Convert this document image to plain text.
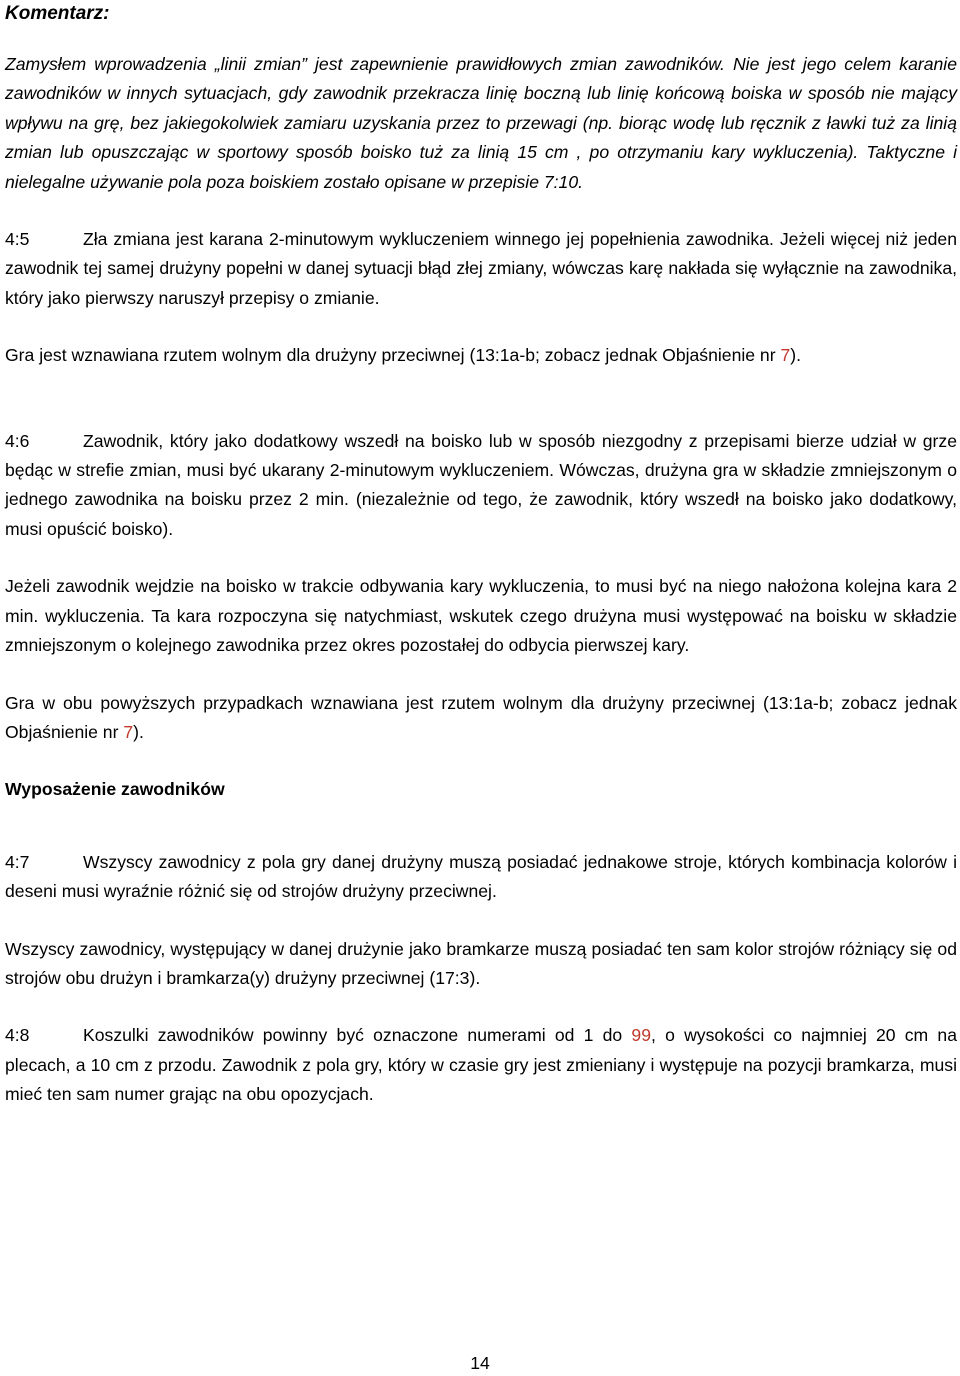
Komentarz:

Zamysłem wprowadzenia „linii zmian” jest zapewnienie prawidłowych zmian zawodników. Nie jest jego celem karanie zawodników w innych sytuacjach, gdy zawodnik przekracza linię boczną lub linię końcową boiska w sposób nie mający wpływu na grę, bez jakiegokolwiek zamiaru uzyskania przez to przewagi (np. biorąc wodę lub ręcznik z ławki tuż za linią zmian lub opuszczając w sportowy sposób boisko tuż za linią 15 cm , po otrzymaniu kary wykluczenia). Taktyczne i nielegalne używanie pola poza boiskiem zostało opisane w przepisie 7:10.

4:5	Zła zmiana jest karana 2-minutowym wykluczeniem winnego jej popełnienia zawodnika. Jeżeli więcej niż jeden zawodnik tej samej drużyny popełni w danej sytuacji błąd złej zmiany, wówczas karę nakłada się wyłącznie na zawodnika, który jako pierwszy naruszył przepisy o zmianie.

Gra jest wznawiana rzutem wolnym dla drużyny przeciwnej (13:1a-b; zobacz jednak Objaśnienie nr 7).

4:6	Zawodnik, który jako dodatkowy wszedł na boisko lub w sposób niezgodny z przepisami bierze udział w grze będąc w strefie zmian, musi być ukarany 2-minutowym wykluczeniem. Wówczas, drużyna gra w składzie zmniejszonym o jednego zawodnika na boisku przez 2 min. (niezależnie od tego, że zawodnik, który wszedł na boisko jako dodatkowy, musi opuścić boisko).

Jeżeli zawodnik wejdzie na boisko w trakcie odbywania kary wykluczenia, to musi być na niego nałożona kolejna kara 2 min. wykluczenia. Ta kara rozpoczyna się natychmiast, wskutek czego drużyna musi występować na boisku w składzie zmniejszonym o kolejnego zawodnika przez okres pozostałej do odbycia pierwszej kary.

Gra w obu powyższych przypadkach wznawiana jest rzutem wolnym dla drużyny przeciwnej (13:1a-b; zobacz jednak Objaśnienie nr 7).

Wyposażenie zawodników

4:7	Wszyscy zawodnicy z pola gry danej drużyny muszą posiadać jednakowe stroje, których kombinacja kolorów i deseni musi wyraźnie różnić się od strojów drużyny przeciwnej.

Wszyscy zawodnicy, występujący w danej drużynie jako bramkarze muszą posiadać ten sam kolor strojów różniący się od strojów obu drużyn i bramkarza(y) drużyny przeciwnej (17:3).

4:8	Koszulki zawodników powinny być oznaczone numerami od 1 do 99, o wysokości co najmniej 20 cm na plecach, a 10 cm z przodu. Zawodnik z pola gry, który w czasie gry jest zmieniany i występuje na pozycji bramkarza, musi mieć ten sam numer grając na obu opozycjach.

14
